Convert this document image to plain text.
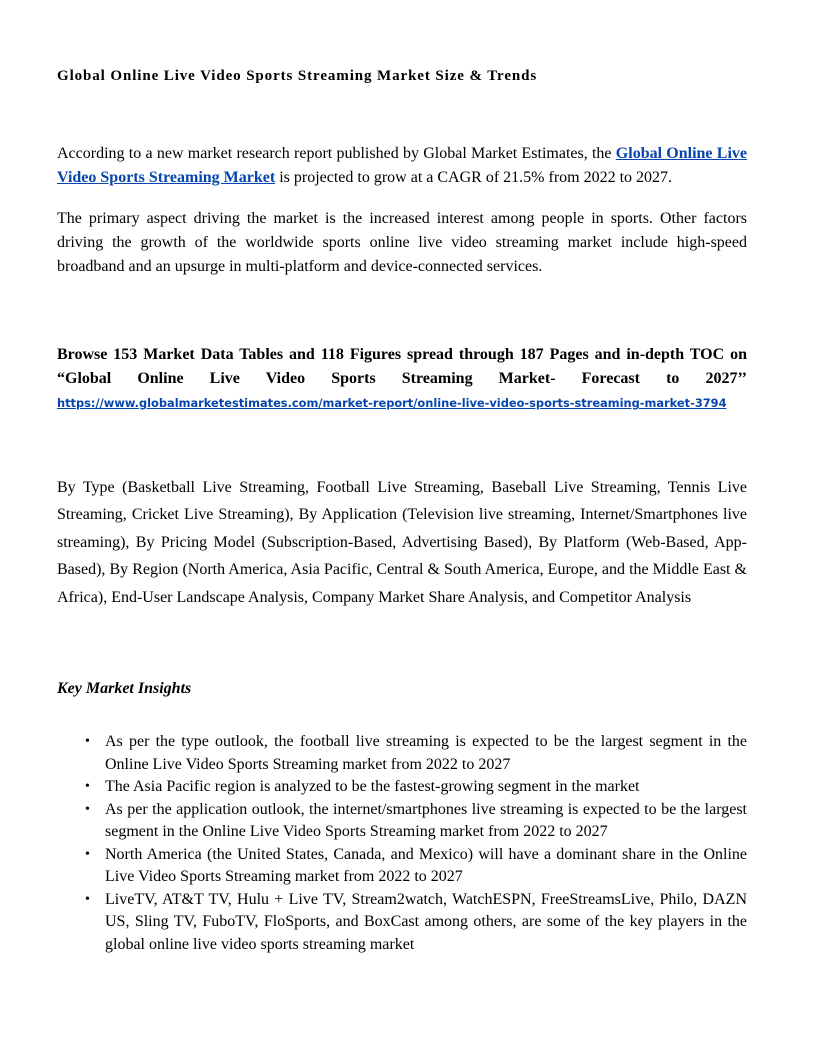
Global Online Live Video Sports Streaming Market Size & Trends

According to a new market research report published by Global Market Estimates, the Global Online Live Video Sports Streaming Market is projected to grow at a CAGR of 21.5% from 2022 to 2027.

The primary aspect driving the market is the increased interest among people in sports. Other factors driving the growth of the worldwide sports online live video streaming market include high-speed broadband and an upsurge in multi-platform and device-connected services.

Browse 153 Market Data Tables and 118 Figures spread through 187 Pages and in-depth TOC on
“Global Online Live Video Sports Streaming Market- Forecast to 2027’’
https://www.globalmarketestimates.com/market-report/online-live-video-sports-streaming-market-3794

By Type (Basketball Live Streaming, Football Live Streaming, Baseball Live Streaming, Tennis Live Streaming, Cricket Live Streaming), By Application (Television live streaming, Internet/Smartphones live streaming), By Pricing Model (Subscription-Based, Advertising Based), By Platform (Web-Based, App-Based), By Region (North America, Asia Pacific, Central & South America, Europe, and the Middle East & Africa), End-User Landscape Analysis, Company Market Share Analysis, and Competitor Analysis

Key Market Insights

• As per the type outlook, the football live streaming is expected to be the largest segment in the Online Live Video Sports Streaming market from 2022 to 2027
• The Asia Pacific region is analyzed to be the fastest-growing segment in the market
• As per the application outlook, the internet/smartphones live streaming is expected to be the largest segment in the Online Live Video Sports Streaming market from 2022 to 2027
• North America (the United States, Canada, and Mexico) will have a dominant share in the Online Live Video Sports Streaming market from 2022 to 2027
• LiveTV, AT&T TV, Hulu + Live TV, Stream2watch, WatchESPN, FreeStreamsLive, Philo, DAZN US, Sling TV, FuboTV, FloSports, and BoxCast among others, are some of the key players in the global online live video sports streaming market
